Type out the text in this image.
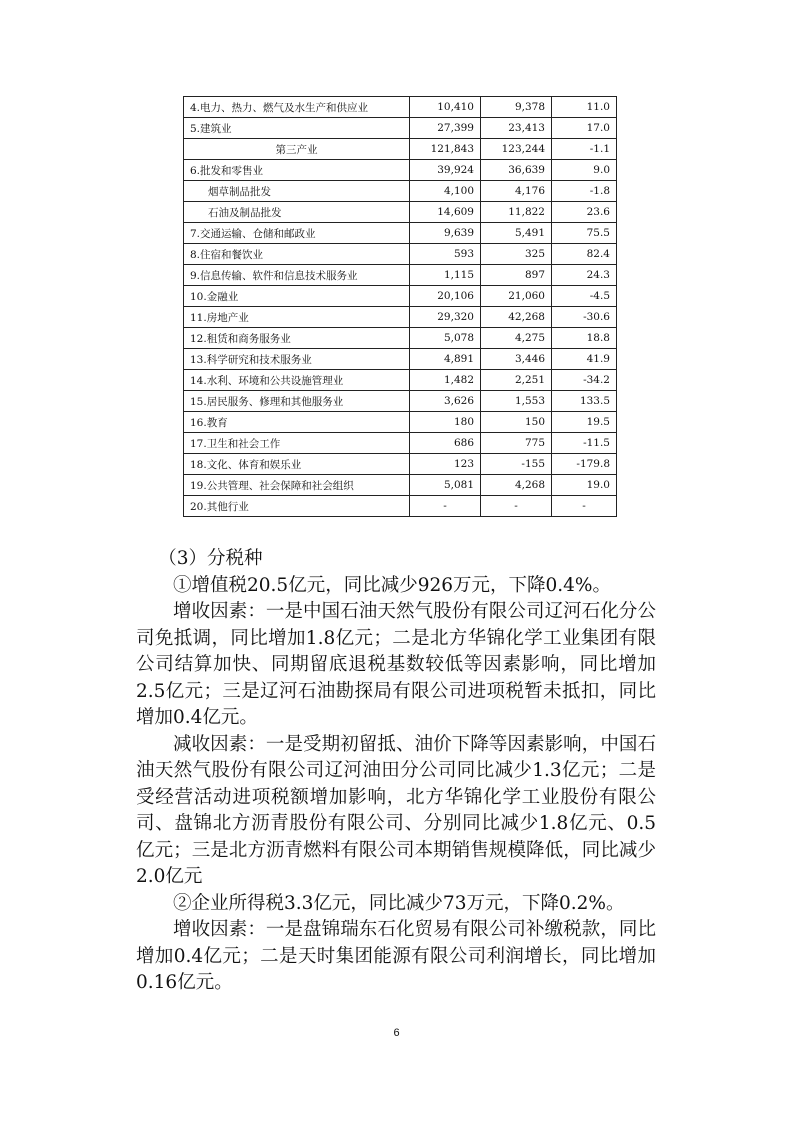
4.电力、热力、燃气及水生产和供应业	10,410	9,378	11.0
5.建筑业	27,399	23,413	17.0
第三产业	121,843	123,244	-1.1
6.批发和零售业	39,924	36,639	9.0
烟草制品批发	4,100	4,176	-1.8
石油及制品批发	14,609	11,822	23.6
7.交通运输、仓储和邮政业	9,639	5,491	75.5
8.住宿和餐饮业	593	325	82.4
9.信息传输、软件和信息技术服务业	1,115	897	24.3
10.金融业	20,106	21,060	-4.5
11.房地产业	29,320	42,268	-30.6
12.租赁和商务服务业	5,078	4,275	18.8
13.科学研究和技术服务业	4,891	3,446	41.9
14.水利、环境和公共设施管理业	1,482	2,251	-34.2
15.居民服务、修理和其他服务业	3,626	1,553	133.5
16.教育	180	150	19.5
17.卫生和社会工作	686	775	-11.5
18.文化、体育和娱乐业	123	-155	-179.8
19.公共管理、社会保障和社会组织	5,081	4,268	19.0
20.其他行业	-	-	-

（3）分税种

①增值税20.5亿元，同比减少926万元，下降0.4%。

增收因素：一是中国石油天然气股份有限公司辽河石化分公司免抵调，同比增加1.8亿元；二是北方华锦化学工业集团有限公司结算加快、同期留底退税基数较低等因素影响，同比增加2.5亿元；三是辽河石油勘探局有限公司进项税暂未抵扣，同比增加0.4亿元。

减收因素：一是受期初留抵、油价下降等因素影响，中国石油天然气股份有限公司辽河油田分公司同比减少1.3亿元；二是受经营活动进项税额增加影响，北方华锦化学工业股份有限公司、盘锦北方沥青股份有限公司、分别同比减少1.8亿元、0.5亿元；三是北方沥青燃料有限公司本期销售规模降低，同比减少2.0亿元

②企业所得税3.3亿元，同比减少73万元，下降0.2%。

增收因素：一是盘锦瑞东石化贸易有限公司补缴税款，同比增加0.4亿元；二是天时集团能源有限公司利润增长，同比增加0.16亿元。

6
